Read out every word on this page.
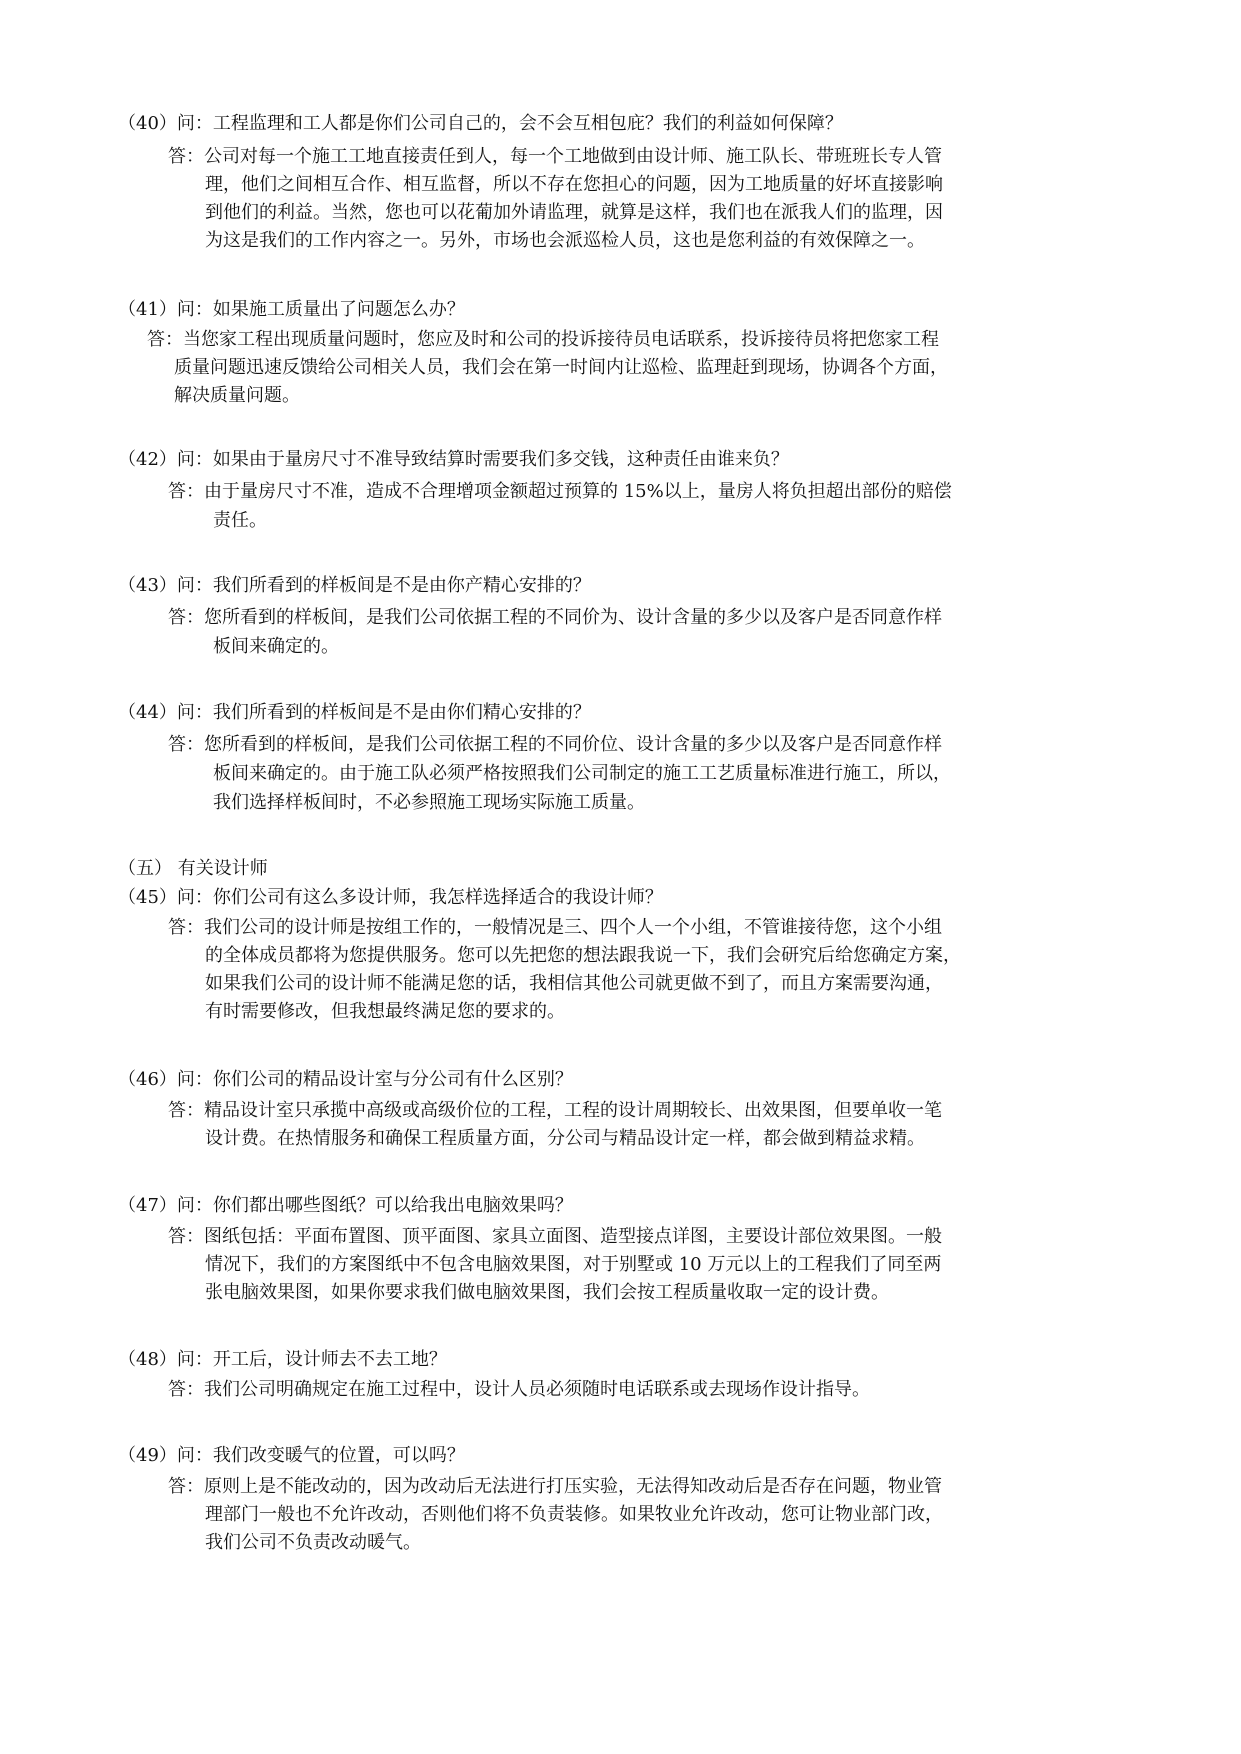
（40）问：工程监理和工人都是你们公司自己的，会不会互相包庇？我们的利益如何保障？
答：公司对每一个施工工地直接责任到人，每一个工地做到由设计师、施工队长、带班班长专人管
理，他们之间相互合作、相互监督，所以不存在您担心的问题，因为工地质量的好坏直接影响
到他们的利益。当然，您也可以花葡加外请监理，就算是这样，我们也在派我人们的监理，因
为这是我们的工作内容之一。另外，市场也会派巡检人员，这也是您利益的有效保障之一。
（41）问：如果施工质量出了问题怎么办？
答：当您家工程出现质量问题时，您应及时和公司的投诉接待员电话联系，投诉接待员将把您家工程
质量问题迅速反馈给公司相关人员，我们会在第一时间内让巡检、监理赶到现场，协调各个方面，
解决质量问题。
（42）问：如果由于量房尺寸不准导致结算时需要我们多交钱，这种责任由谁来负？
答：由于量房尺寸不准，造成不合理增项金额超过预算的 15%以上，量房人将负担超出部份的赔偿
责任。
（43）问：我们所看到的样板间是不是由你产精心安排的？
答：您所看到的样板间，是我们公司依据工程的不同价为、设计含量的多少以及客户是否同意作样
板间来确定的。
（44）问：我们所看到的样板间是不是由你们精心安排的？
答：您所看到的样板间，是我们公司依据工程的不同价位、设计含量的多少以及客户是否同意作样
板间来确定的。由于施工队必须严格按照我们公司制定的施工工艺质量标准进行施工，所以，
我们选择样板间时，不必参照施工现场实际施工质量。
（五） 有关设计师
（45）问：你们公司有这么多设计师，我怎样选择适合的我设计师？
答：我们公司的设计师是按组工作的，一般情况是三、四个人一个小组，不管谁接待您，这个小组
的全体成员都将为您提供服务。您可以先把您的想法跟我说一下，我们会研究后给您确定方案，
如果我们公司的设计师不能满足您的话，我相信其他公司就更做不到了，而且方案需要沟通，
有时需要修改，但我想最终满足您的要求的。
（46）问：你们公司的精品设计室与分公司有什么区别？
答：精品设计室只承揽中高级或高级价位的工程，工程的设计周期较长、出效果图，但要单收一笔
设计费。在热情服务和确保工程质量方面，分公司与精品设计定一样，都会做到精益求精。
（47）问：你们都出哪些图纸？可以给我出电脑效果吗？
答：图纸包括：平面布置图、顶平面图、家具立面图、造型接点详图，主要设计部位效果图。一般
情况下，我们的方案图纸中不包含电脑效果图，对于别墅或 10 万元以上的工程我们了同至两
张电脑效果图，如果你要求我们做电脑效果图，我们会按工程质量收取一定的设计费。
（48）问：开工后，设计师去不去工地？
答：我们公司明确规定在施工过程中，设计人员必须随时电话联系或去现场作设计指导。
（49）问：我们改变暖气的位置，可以吗？
答：原则上是不能改动的，因为改动后无法进行打压实验，无法得知改动后是否存在问题，物业管
理部门一般也不允许改动，否则他们将不负责装修。如果牧业允许改动，您可让物业部门改，
我们公司不负责改动暖气。
